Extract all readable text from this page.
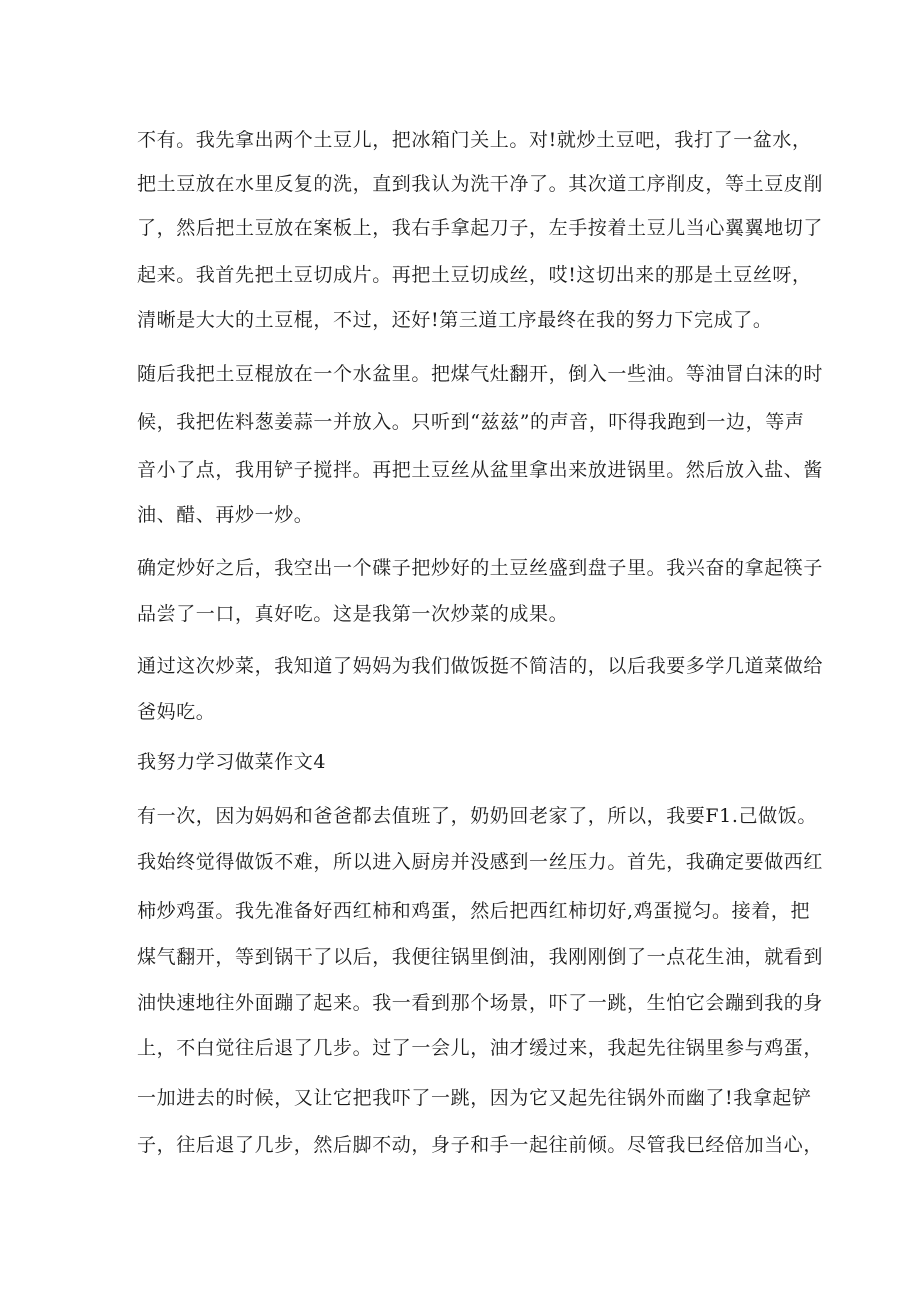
不有。我先拿出两个土豆儿，把冰箱门关上。对!就炒土豆吧，我打了一盆水，
把土豆放在水里反复的洗，直到我认为洗干净了。其次道工序削皮，等土豆皮削
了，然后把土豆放在案板上，我右手拿起刀子，左手按着土豆儿当心翼翼地切了
起来。我首先把土豆切成片。再把土豆切成丝，哎!这切出来的那是土豆丝呀，
清晰是大大的土豆棍，不过，还好!第三道工序最终在我的努力下完成了。
随后我把土豆棍放在一个水盆里。把煤气灶翻开，倒入一些油。等油冒白沫的时
候，我把佐料葱姜蒜一并放入。只听到“兹兹”的声音，吓得我跑到一边，等声
音小了点，我用铲子搅拌。再把土豆丝从盆里拿出来放进锅里。然后放入盐、酱
油、醋、再炒一炒。
确定炒好之后，我空出一个碟子把炒好的土豆丝盛到盘子里。我兴奋的拿起筷子
品尝了一口，真好吃。这是我第一次炒菜的成果。
通过这次炒菜，我知道了妈妈为我们做饭挺不简洁的，以后我要多学几道菜做给
爸妈吃。
我努力学习做菜作文4
有一次，因为妈妈和爸爸都去值班了，奶奶回老家了，所以，我要F1.己做饭。
我始终觉得做饭不难，所以进入厨房并没感到一丝压力。首先，我确定要做西红
柿炒鸡蛋。我先准备好西红柿和鸡蛋，然后把西红柿切好,鸡蛋搅匀。接着，把
煤气翻开，等到锅干了以后，我便往锅里倒油，我刚刚倒了一点花生油，就看到
油快速地往外面蹦了起来。我一看到那个场景，吓了一跳，生怕它会蹦到我的身
上，不白觉往后退了几步。过了一会儿，油才缓过来，我起先往锅里参与鸡蛋，
一加进去的时候，又让它把我吓了一跳，因为它又起先往锅外而幽了!我拿起铲
子，往后退了几步，然后脚不动，身子和手一起往前倾。尽管我巳经倍加当心，
